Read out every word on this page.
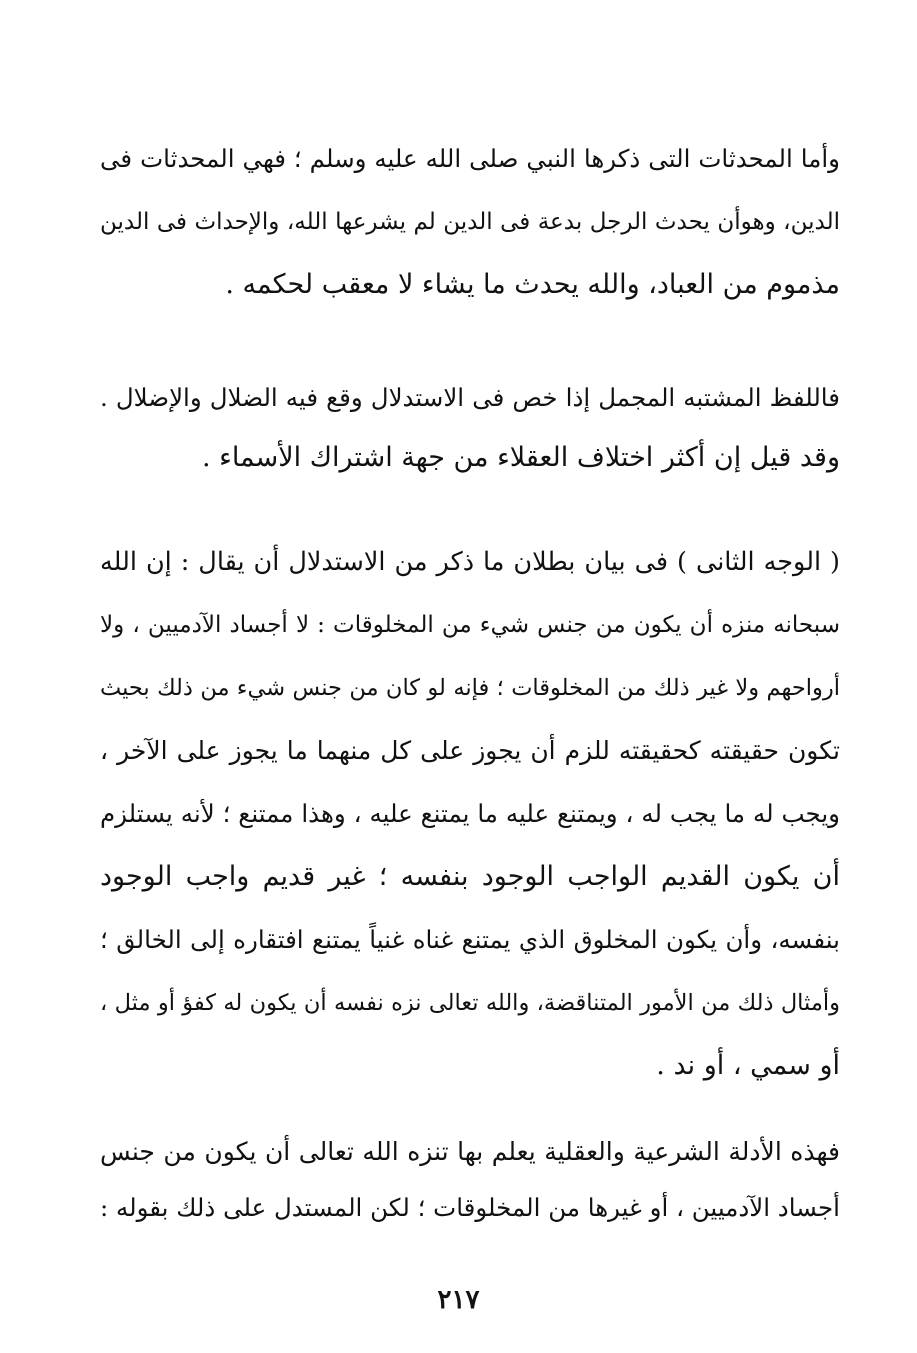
وأما المحدثات التى ذكرها النبي صلى الله عليه وسلم ؛ فهي المحدثات فى
الدين، وهوأن يحدث الرجل بدعة فى الدين لم يشرعها الله، والإحداث فى الدين
مذموم من العباد، والله يحدث ما يشاء لا معقب لحكمه .
فاللفظ المشتبه المجمل إذا خص فى الاستدلال وقع فيه الضلال والإضلال .
وقد قيل إن أكثر اختلاف العقلاء من جهة اشتراك الأسماء .
( الوجه الثانى ) فى بيان بطلان ما ذكر من الاستدلال أن يقال : إن الله
سبحانه منزه أن يكون من جنس شيء من المخلوقات : لا أجساد الآدميين ، ولا
أرواحهم ولا غير ذلك من المخلوقات ؛ فإنه لو كان من جنس شيء من ذلك بحيث
تكون حقيقته كحقيقته للزم أن يجوز على كل منهما ما يجوز على الآخر ،
ويجب له ما يجب له ، ويمتنع عليه ما يمتنع عليه ، وهذا ممتنع ؛ لأنه يستلزم
أن يكون القديم الواجب الوجود بنفسه ؛ غير قديم واجب الوجود
بنفسه، وأن يكون المخلوق الذي يمتنع غناه غنياً يمتنع افتقاره إلى الخالق ؛
وأمثال ذلك من الأمور المتناقضة، والله تعالى نزه نفسه أن يكون له كفؤ أو مثل ،
أو سمي ، أو ند .
فهذه الأدلة الشرعية والعقلية يعلم بها تنزه الله تعالى أن يكون من جنس
أجساد الآدميين ، أو غيرها من المخلوقات ؛ لكن المستدل على ذلك بقوله :
٢١٧
